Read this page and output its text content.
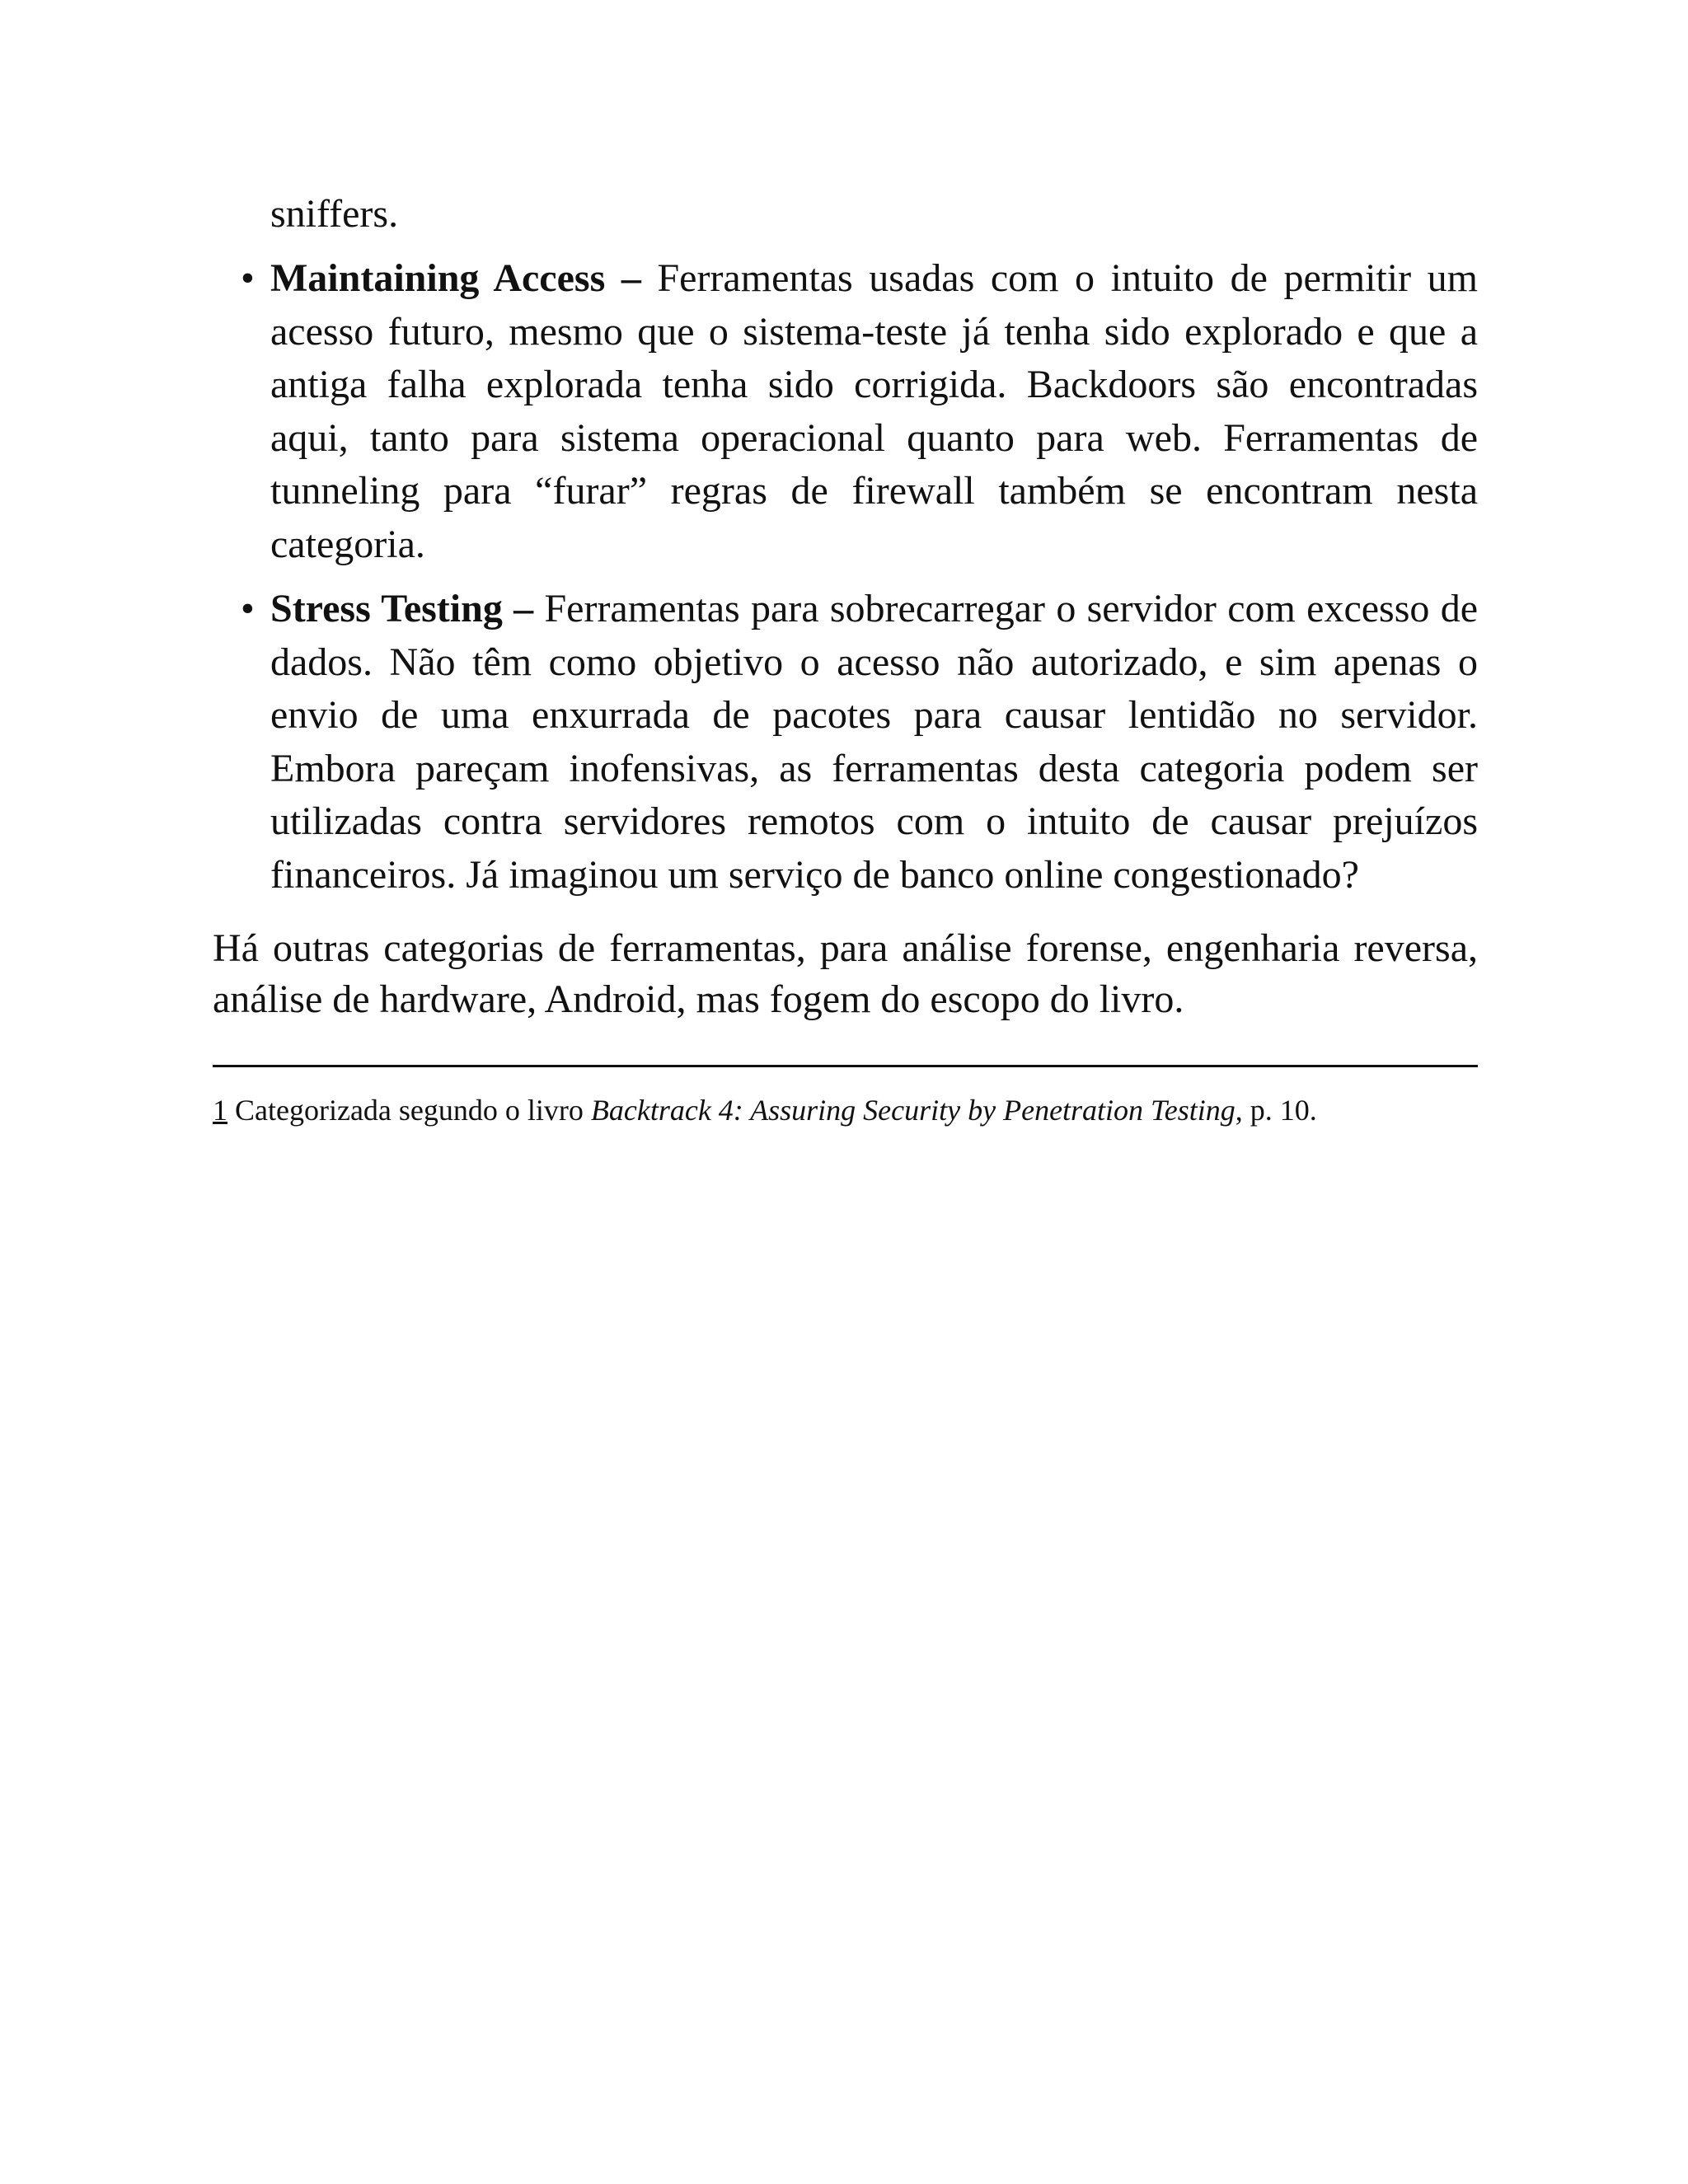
sniffers.
• Maintaining Access – Ferramentas usadas com o intuito de permitir um acesso futuro, mesmo que o sistema-teste já tenha sido explorado e que a antiga falha explorada tenha sido corrigida. Backdoors são encontradas aqui, tanto para sistema operacional quanto para web. Ferramentas de tunneling para “furar” regras de firewall também se encontram nesta categoria.
• Stress Testing – Ferramentas para sobrecarregar o servidor com excesso de dados. Não têm como objetivo o acesso não autorizado, e sim apenas o envio de uma enxurrada de pacotes para causar lentidão no servidor. Embora pareçam inofensivas, as ferramentas desta categoria podem ser utilizadas contra servidores remotos com o intuito de causar prejuízos financeiros. Já imaginou um serviço de banco online congestionado?

Há outras categorias de ferramentas, para análise forense, engenharia reversa, análise de hardware, Android, mas fogem do escopo do livro.

1 Categorizada segundo o livro Backtrack 4: Assuring Security by Penetration Testing, p. 10.
